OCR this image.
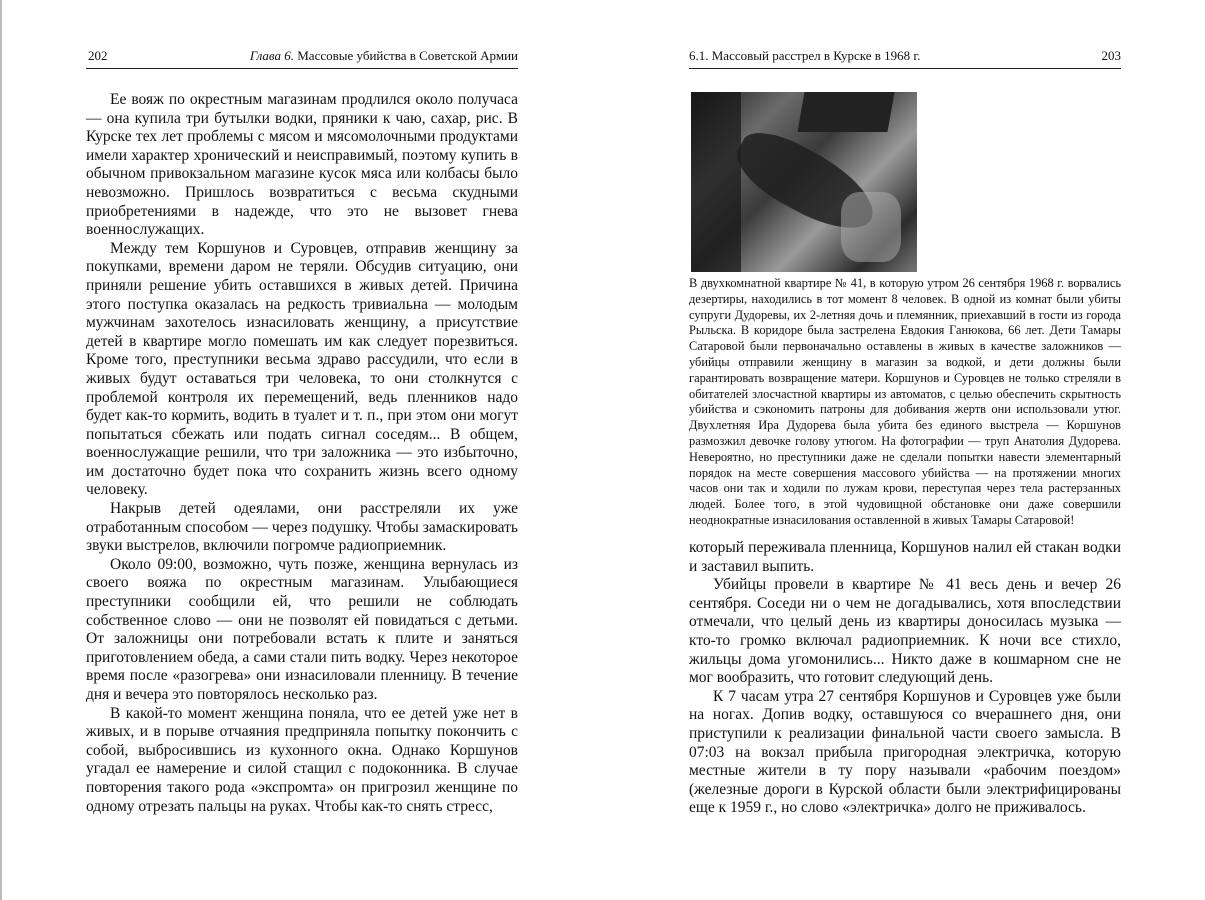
202	Глава 6. Массовые убийства в Советской Армии

Ее вояж по окрестным магазинам продлился около получаса — она купила три бутылки водки, пряники к чаю, сахар, рис. В Курске тех лет проблемы с мясом и мясомолочными продуктами имели характер хронический и неисправимый, поэтому купить в обычном привокзальном магазине кусок мяса или колбасы было невозможно. Пришлось возвратиться с весьма скудными приобретениями в надежде, что это не вызовет гнева военнослужащих.

Между тем Коршунов и Суровцев, отправив женщину за покупками, времени даром не теряли. Обсудив ситуацию, они приняли решение убить оставшихся в живых детей. Причина этого поступка оказалась на редкость тривиальна — молодым мужчинам захотелось изнасиловать женщину, а присутствие детей в квартире могло помешать им как следует порезвиться. Кроме того, преступники весьма здраво рассудили, что если в живых будут оставаться три человека, то они столкнутся с проблемой контроля их перемещений, ведь пленников надо будет как-то кормить, водить в туалет и т. п., при этом они могут попытаться сбежать или подать сигнал соседям... В общем, военнослужащие решили, что три заложника — это избыточно, им достаточно будет пока что сохранить жизнь всего одному человеку.

Накрыв детей одеялами, они расстреляли их уже отработанным способом — через подушку. Чтобы замаскировать звуки выстрелов, включили погромче радиоприемник.

Около 09:00, возможно, чуть позже, женщина вернулась из своего вояжа по окрестным магазинам. Улыбающиеся преступники сообщили ей, что решили не соблюдать собственное слово — они не позволят ей повидаться с детьми. От заложницы они потребовали встать к плите и заняться приготовлением обеда, а сами стали пить водку. Через некоторое время после «разогрева» они изнасиловали пленницу. В течение дня и вечера это повторялось несколько раз.

В какой-то момент женщина поняла, что ее детей уже нет в живых, и в порыве отчаяния предприняла попытку покончить с собой, выбросившись из кухонного окна. Однако Коршунов угадал ее намерение и силой стащил с подоконника. В случае повторения такого рода «экспромта» он пригрозил женщине по одному отрезать пальцы на руках. Чтобы как-то снять стресс,

6.1. Массовый расстрел в Курске в 1968 г.	203

В двухкомнатной квартире № 41, в которую утром 26 сентября 1968 г. ворвались дезертиры, находились в тот момент 8 человек. В одной из комнат были убиты супруги Дудоревы, их 2-летняя дочь и племянник, приехавший в гости из города Рыльска. В коридоре была застрелена Евдокия Ганюкова, 66 лет. Дети Тамары Сатаровой были первоначально оставлены в живых в качестве заложников — убийцы отправили женщину в магазин за водкой, и дети должны были гарантировать возвращение матери. Коршунов и Суровцев не только стреляли в обитателей злосчастной квартиры из автоматов, с целью обеспечить скрытность убийства и сэкономить патроны для добивания жертв они использовали утюг. Двухлетняя Ира Дудорева была убита без единого выстрела — Коршунов размозжил девочке голову утюгом. На фотографии — труп Анатолия Дудорева. Невероятно, но преступники даже не сделали попытки навести элементарный порядок на месте совершения массового убийства — на протяжении многих часов они так и ходили по лужам крови, переступая через тела растерзанных людей. Более того, в этой чудовищной обстановке они даже совершили неоднократные изнасилования оставленной в живых Тамары Сатаровой!

который переживала пленница, Коршунов налил ей стакан водки и заставил выпить.

Убийцы провели в квартире № 41 весь день и вечер 26 сентября. Соседи ни о чем не догадывались, хотя впоследствии отмечали, что целый день из квартиры доносилась музыка — кто-то громко включал радиоприемник. К ночи все стихло, жильцы дома угомонились... Никто даже в кошмарном сне не мог вообразить, что готовит следующий день.

К 7 часам утра 27 сентября Коршунов и Суровцев уже были на ногах. Допив водку, оставшуюся со вчерашнего дня, они приступили к реализации финальной части своего замысла. В 07:03 на вокзал прибыла пригородная электричка, которую местные жители в ту пору называли «рабочим поездом» (железные дороги в Курской области были электрифицированы еще к 1959 г., но слово «электричка» долго не приживалось.
